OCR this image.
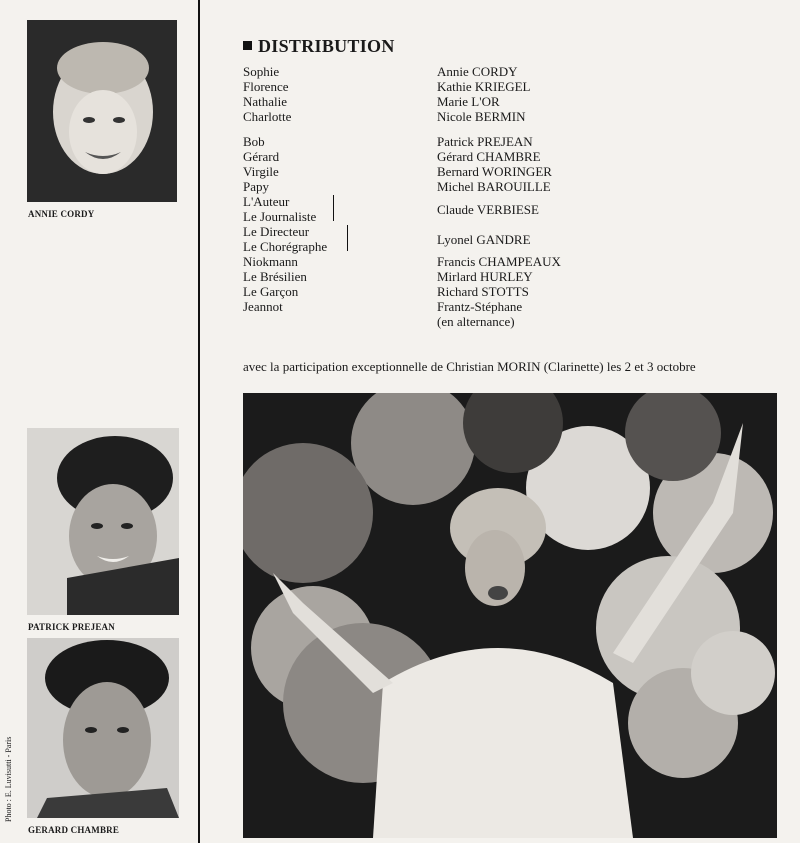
ANNIE CORDY
PATRICK PREJEAN
GERARD CHAMBRE
Photo : E. Luvisutti - Paris
DISTRIBUTION
Sophie	Annie CORDY
Florence	Kathie KRIEGEL
Nathalie	Marie L'OR
Charlotte	Nicole BERMIN
Bob	Patrick PREJEAN
Gérard	Gérard CHAMBRE
Virgile	Bernard WORINGER
Papy	Michel BAROUILLE
L'Auteur
Le Journaliste	Claude VERBIESE
Le Directeur
Le Chorégraphe	Lyonel GANDRE
Niokmann	Francis CHAMPEAUX
Le Brésilien	Mirlard HURLEY
Le Garçon	Richard STOTTS
Jeannot	Frantz-Stéphane
(en alternance)
avec la participation exceptionnelle de Christian MORIN (Clarinette) les 2 et 3 octobre
